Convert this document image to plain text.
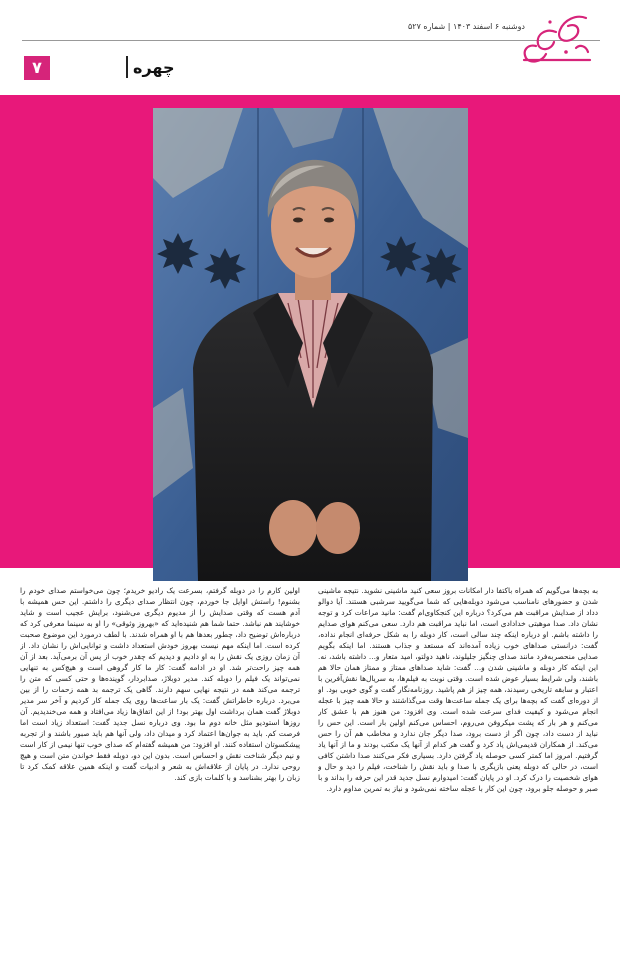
دوشنبه ۶ اسفند ۱۴۰۳ | شماره ۵۲۷
چهره
۷
به بچه‌ها می‌گویم که همراه باکتفا دار امکانات بروز سعی کنید ماشینی نشوید. نتیجه ماشینی شدن و حضورهای نامناسب می‌شود دوبله‌هایی که شما می‌گویید سرشبی هستند. آیا دوالو دداد از صدایش مراقبت هم می‌کرد؟ درباره این کنجکاوی‌ام گفت: مانید مراعات کرد و توجه نشان داد. صدا موهبتی خدادادی است، اما نباید مراقبت هم دارد. سعی می‌کنم هوای صدایم را داشته باشم. او درباره اینکه چند سالی است، کار دوبله را به شکل حرفه‌ای انجام نداده، گفت: درانستی صداهای خوب زیاده آمده‌اند که مستعد و جذاب هستند. اما اینکه بگویم صدایی منحصربه‌فرد مانند صدای چنگیز جلیلوند، ناهید دولتو، امید متعار و... داشته باشد، نه. این اینکه کار دوبله و ماشینی شدن و... گفت: شاید صداهای ممتاز و ممتاز همان حالا هم باشند، ولی شرایط بسیار عوض شده است. وقتی نوبت به فیلم‌ها، به سریال‌ها نقش‌آفرین با اعتبار و سابقه تاریخی رسیدند، همه چیز از هم پاشید. روزنامه‌نگار گفت و گوی خوبی بود. او از دوره‌ای گفت که بچه‌ها برای یک جمله ساعت‌ها وقت می‌گذاشتند و حالا همه چیز با عجله انجام می‌شود و کیفیت فدای سرعت شده است. وی افزود: من هنوز هم با عشق کار می‌کنم و هر بار که پشت میکروفن می‌روم، احساس می‌کنم اولین بار است. این حس را نباید از دست داد، چون اگر از دست برود، صدا دیگر جان ندارد و مخاطب هم آن را حس می‌کند. از همکاران قدیمی‌اش یاد کرد و گفت هر کدام از آنها یک مکتب بودند و ما از آنها یاد گرفتیم. امروز اما کمتر کسی حوصله یاد گرفتن دارد. بسیاری فکر می‌کنند صدا داشتن کافی است، در حالی که دوبله یعنی بازیگری با صدا و باید نقش را شناخت، فیلم را دید و حال و هوای شخصیت را درک کرد. او در پایان گفت: امیدوارم نسل جدید قدر این حرفه را بداند و با صبر و حوصله جلو برود، چون این کار با عجله ساخته نمی‌شود و نیاز به تمرین مداوم دارد.
اولین کارم را در دوبله گرفتم، بسرعت یک رادیو خریدم؛ چون می‌خواستم صدای خودم را بشنوم! راستش اوایل جا خوردم، چون انتظار صدای دیگری را داشتم. این حس همیشه با آدم هست که وقتی صدایش را از مدیوم دیگری می‌شنود، برایش عجیب است و شاید خوشایند هم نباشد. حتما شما هم شنیده‌اید که «بهروز وثوقی» را او به سینما معرفی کرد که درباره‌اش توضیح داد، چطور بعدها هم با او همراه شدند. با لطف درمورد این موضوع صحبت کرده است. اما اینکه مهم نیست بهروز خودش استعداد داشت و توانایی‌اش را نشان داد. از آن زمان روزی یک نقش را به او دادیم و دیدیم که چقدر خوب از پس آن برمی‌آید. بعد از آن همه چیز راحت‌تر شد. او در ادامه گفت: کار ما کار گروهی است و هیچ‌کس به تنهایی نمی‌تواند یک فیلم را دوبله کند. مدیر دوبلاژ، صدابردار، گوینده‌ها و حتی کسی که متن را ترجمه می‌کند همه در نتیجه نهایی سهم دارند. گاهی یک ترجمه بد همه زحمات را از بین می‌برد. درباره خاطراتش گفت: یک بار ساعت‌ها روی یک جمله کار کردیم و آخر سر مدیر دوبلاژ گفت همان برداشت اول بهتر بود! از این اتفاق‌ها زیاد می‌افتاد و همه می‌خندیدیم. آن روزها استودیو مثل خانه دوم ما بود. وی درباره نسل جدید گفت: استعداد زیاد است اما فرصت کم. باید به جوان‌ها اعتماد کرد و میدان داد، ولی آنها هم باید صبور باشند و از تجربه پیشکسوتان استفاده کنند. او افزود: من همیشه گفته‌ام که صدای خوب تنها نیمی از کار است و نیم دیگر شناخت نقش و احساس است. بدون این دو، دوبله فقط خواندن متن است و هیچ روحی ندارد. در پایان از علاقه‌اش به شعر و ادبیات گفت و اینکه همین علاقه کمک کرد تا زبان را بهتر بشناسد و با کلمات بازی کند.
